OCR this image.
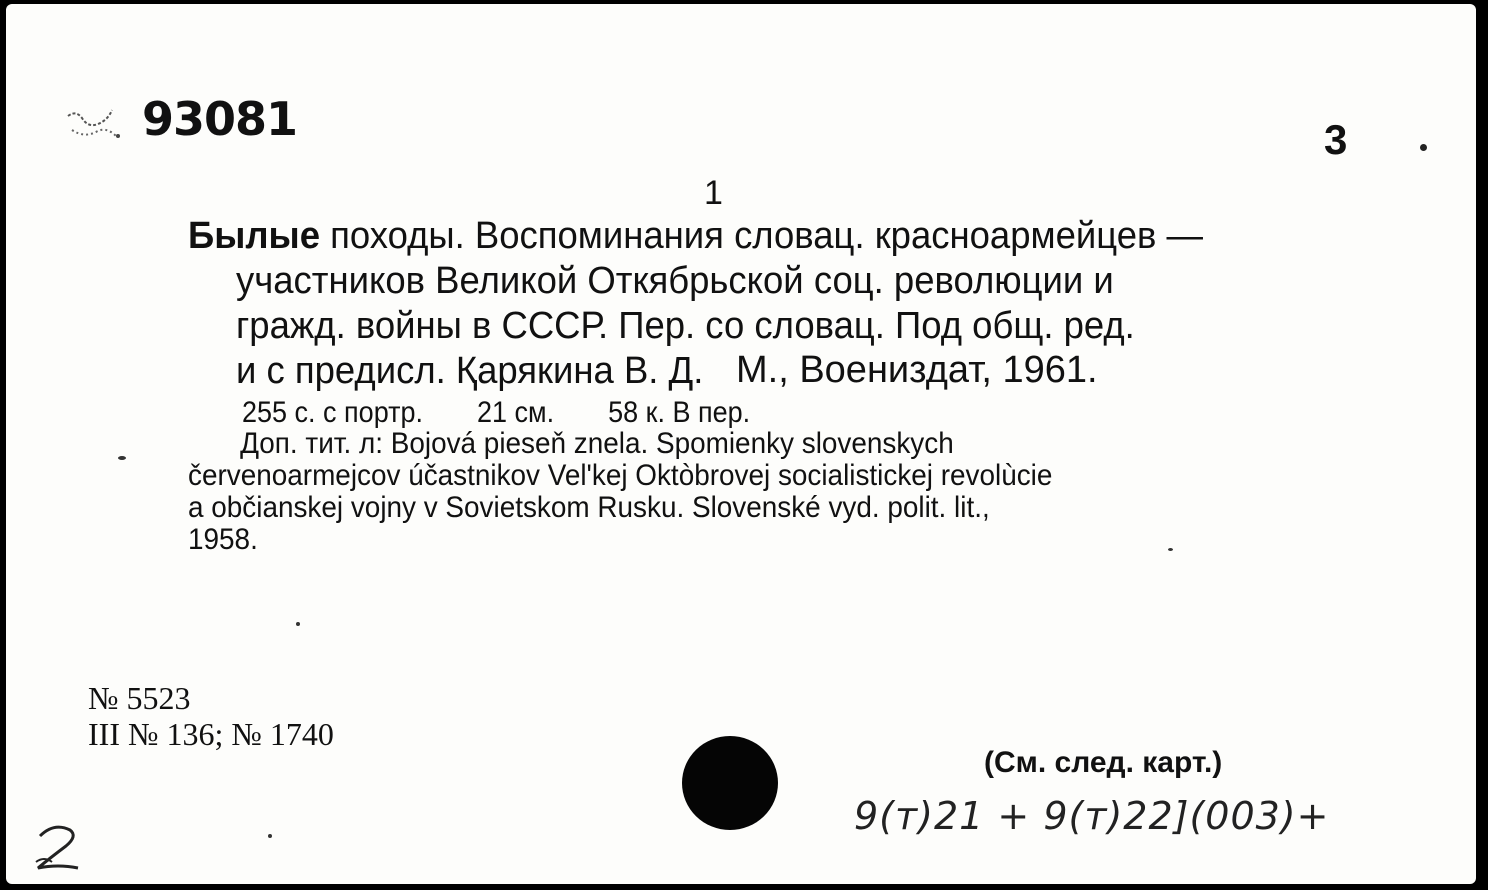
93081	3
1
Былые походы. Воспоминания словац. красноармейцев —
участников Великой Откябрьской соц. революции и
гражд. войны в СССР. Пер. со словац. Под общ. ред.
и с предисл. Қарякина В. Д. М., Воениздат, 1961.
255 с. с портр. 21 см. 58 к. В пер.
Доп. тит. л: Bojová pieseň znela. Spomienky slovenskych
červenoarmejcov účastnikov Vel'kej Oktòbrovej socialistickej revolùcie
a občianskej vojny v Sovietskom Rusku. Slovenské vyd. polit. lit.,
1958.
№ 5523
III № 136; № 1740
(См. след. карт.)
9(т)21 + 9(т)22](003)+
